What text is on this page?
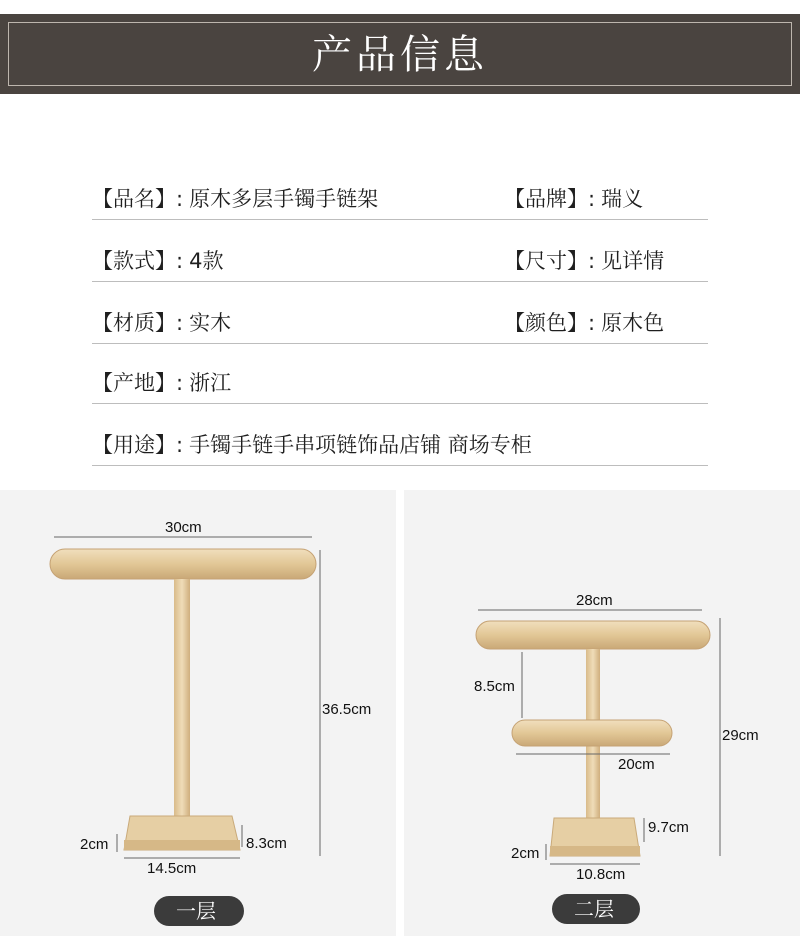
产品信息
【品名】: 原木多层手镯手链架	【品牌】: 瑞义
【款式】: 4款	【尺寸】: 见详情
【材质】: 实木	【颜色】: 原木色
【产地】: 浙江
【用途】: 手镯手链手串项链饰品店铺 商场专柜
30cm
36.5cm
2cm	8.3cm
14.5cm
一层
28cm
8.5cm
20cm
29cm
9.7cm
2cm
10.8cm
二层
